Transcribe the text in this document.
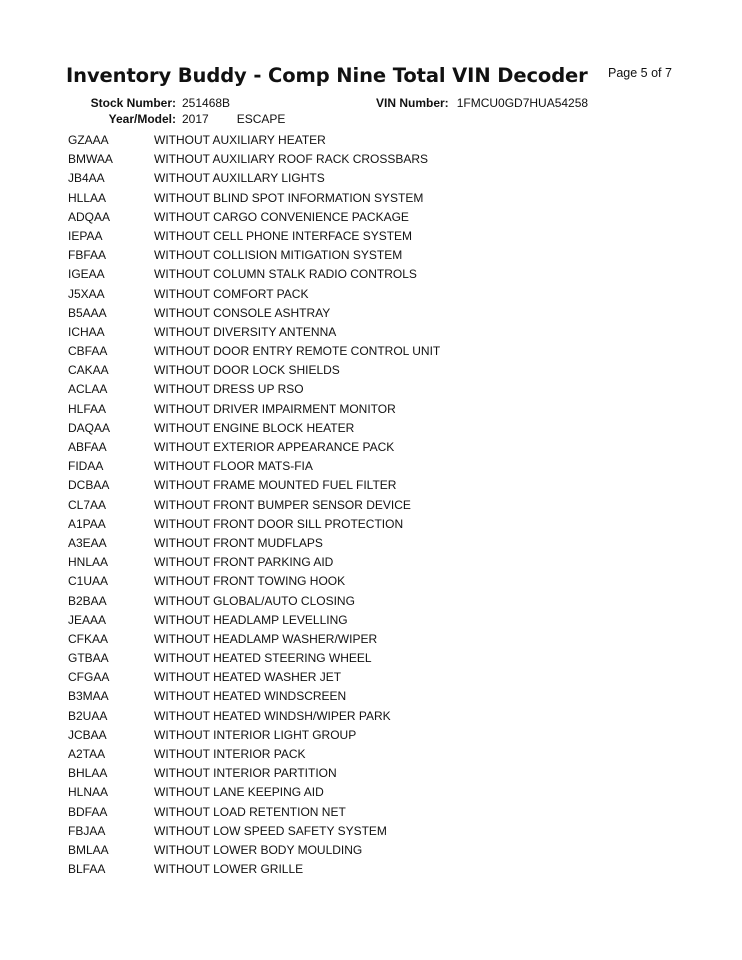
Inventory Buddy - Comp Nine Total VIN Decoder Page 5 of 7
Stock Number: 251468B	VIN Number: 1FMCU0GD7HUA54258
Year/Model: 2017 ESCAPE
GZAAA	WITHOUT AUXILIARY HEATER
BMWAA	WITHOUT AUXILIARY ROOF RACK CROSSBARS
JB4AA	WITHOUT AUXILLARY LIGHTS
HLLAA	WITHOUT BLIND SPOT INFORMATION SYSTEM
ADQAA	WITHOUT CARGO CONVENIENCE PACKAGE
IEPAA	WITHOUT CELL PHONE INTERFACE SYSTEM
FBFAA	WITHOUT COLLISION MITIGATION SYSTEM
IGEAA	WITHOUT COLUMN STALK RADIO CONTROLS
J5XAA	WITHOUT COMFORT PACK
B5AAA	WITHOUT CONSOLE ASHTRAY
ICHAA	WITHOUT DIVERSITY ANTENNA
CBFAA	WITHOUT DOOR ENTRY REMOTE CONTROL UNIT
CAKAA	WITHOUT DOOR LOCK SHIELDS
ACLAA	WITHOUT DRESS UP RSO
HLFAA	WITHOUT DRIVER IMPAIRMENT MONITOR
DAQAA	WITHOUT ENGINE BLOCK HEATER
ABFAA	WITHOUT EXTERIOR APPEARANCE PACK
FIDAA	WITHOUT FLOOR MATS-FIA
DCBAA	WITHOUT FRAME MOUNTED FUEL FILTER
CL7AA	WITHOUT FRONT BUMPER SENSOR DEVICE
A1PAA	WITHOUT FRONT DOOR SILL PROTECTION
A3EAA	WITHOUT FRONT MUDFLAPS
HNLAA	WITHOUT FRONT PARKING AID
C1UAA	WITHOUT FRONT TOWING HOOK
B2BAA	WITHOUT GLOBAL/AUTO CLOSING
JEAAA	WITHOUT HEADLAMP LEVELLING
CFKAA	WITHOUT HEADLAMP WASHER/WIPER
GTBAA	WITHOUT HEATED STEERING WHEEL
CFGAA	WITHOUT HEATED WASHER JET
B3MAA	WITHOUT HEATED WINDSCREEN
B2UAA	WITHOUT HEATED WINDSH/WIPER PARK
JCBAA	WITHOUT INTERIOR LIGHT GROUP
A2TAA	WITHOUT INTERIOR PACK
BHLAA	WITHOUT INTERIOR PARTITION
HLNAA	WITHOUT LANE KEEPING AID
BDFAA	WITHOUT LOAD RETENTION NET
FBJAA	WITHOUT LOW SPEED SAFETY SYSTEM
BMLAA	WITHOUT LOWER BODY MOULDING
BLFAA	WITHOUT LOWER GRILLE
